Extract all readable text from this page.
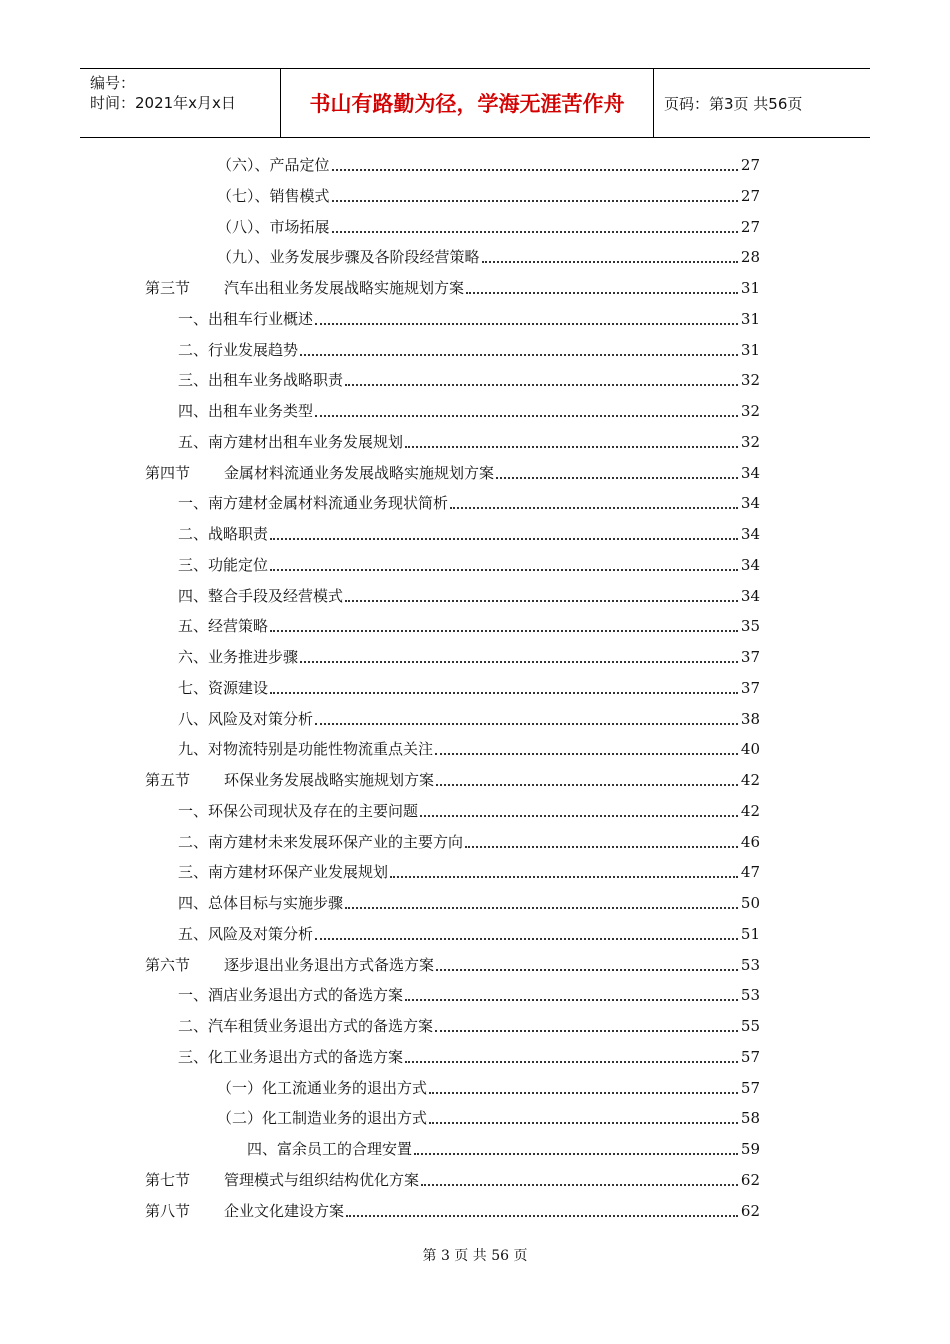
编号：
时间：2021年x月x日	书山有路勤为径，学海无涯苦作舟	页码：第3页 共56页
（六）、产品定位	27
（七）、销售模式	27
（八）、市场拓展	27
（九）、业务发展步骤及各阶段经营策略	28
第三节 汽车出租业务发展战略实施规划方案	31
一、出租车行业概述	31
二、行业发展趋势	31
三、出租车业务战略职责	32
四、出租车业务类型	32
五、南方建材出租车业务发展规划	32
第四节 金属材料流通业务发展战略实施规划方案	34
一、南方建材金属材料流通业务现状简析	34
二、战略职责	34
三、功能定位	34
四、整合手段及经营模式	34
五、经营策略	35
六、业务推进步骤	37
七、资源建设	37
八、风险及对策分析	38
九、对物流特别是功能性物流重点关注	40
第五节 环保业务发展战略实施规划方案	42
一、环保公司现状及存在的主要问题	42
二、南方建材未来发展环保产业的主要方向	46
三、南方建材环保产业发展规划	47
四、总体目标与实施步骤	50
五、风险及对策分析	51
第六节 逐步退出业务退出方式备选方案	53
一、酒店业务退出方式的备选方案	53
二、汽车租赁业务退出方式的备选方案	55
三、化工业务退出方式的备选方案	57
（一）化工流通业务的退出方式	57
（二）化工制造业务的退出方式	58
四、富余员工的合理安置	59
第七节 管理模式与组织结构优化方案	62
第八节 企业文化建设方案	62
第 3 页 共 56 页
